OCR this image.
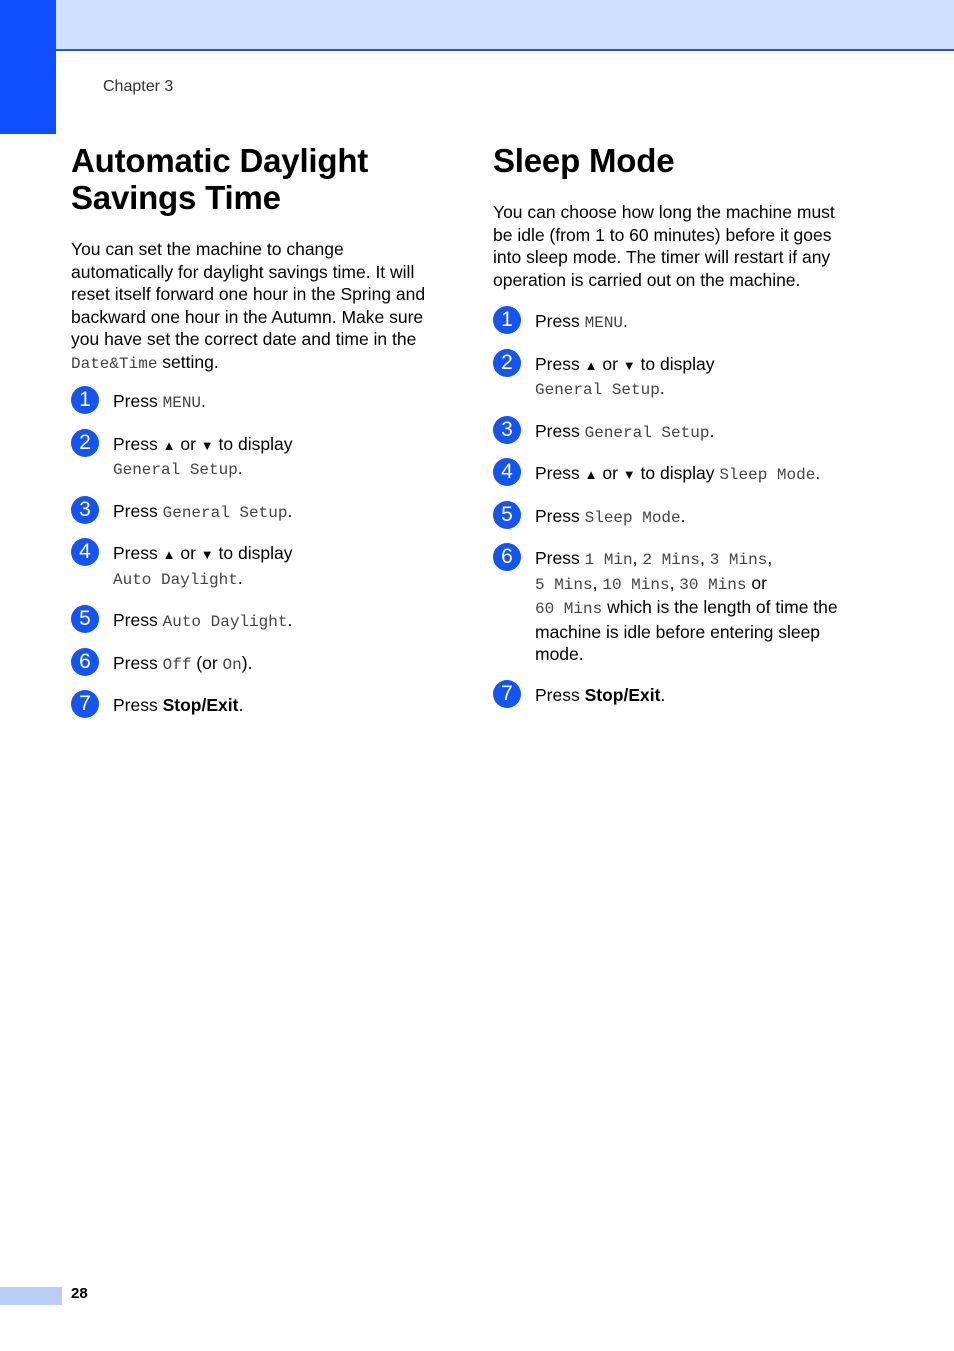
Chapter 3
Automatic Daylight
Savings Time

You can set the machine to change
automatically for daylight savings time. It will
reset itself forward one hour in the Spring and
backward one hour in the Autumn. Make sure
you have set the correct date and time in the
Date&Time setting.

1	Press MENU.
2	Press ▲ or ▼ to display
General Setup.
3	Press General Setup.
4	Press ▲ or ▼ to display
Auto Daylight.
5	Press Auto Daylight.
6	Press Off (or On).
7	Press Stop/Exit.
Sleep Mode

You can choose how long the machine must
be idle (from 1 to 60 minutes) before it goes
into sleep mode. The timer will restart if any
operation is carried out on the machine.

1	Press MENU.
2	Press ▲ or ▼ to display
General Setup.
3	Press General Setup.
4	Press ▲ or ▼ to display Sleep Mode.
5	Press Sleep Mode.
6	Press 1 Min, 2 Mins, 3 Mins,
5 Mins, 10 Mins, 30 Mins or
60 Mins which is the length of time the
machine is idle before entering sleep
mode.
7	Press Stop/Exit.
28
